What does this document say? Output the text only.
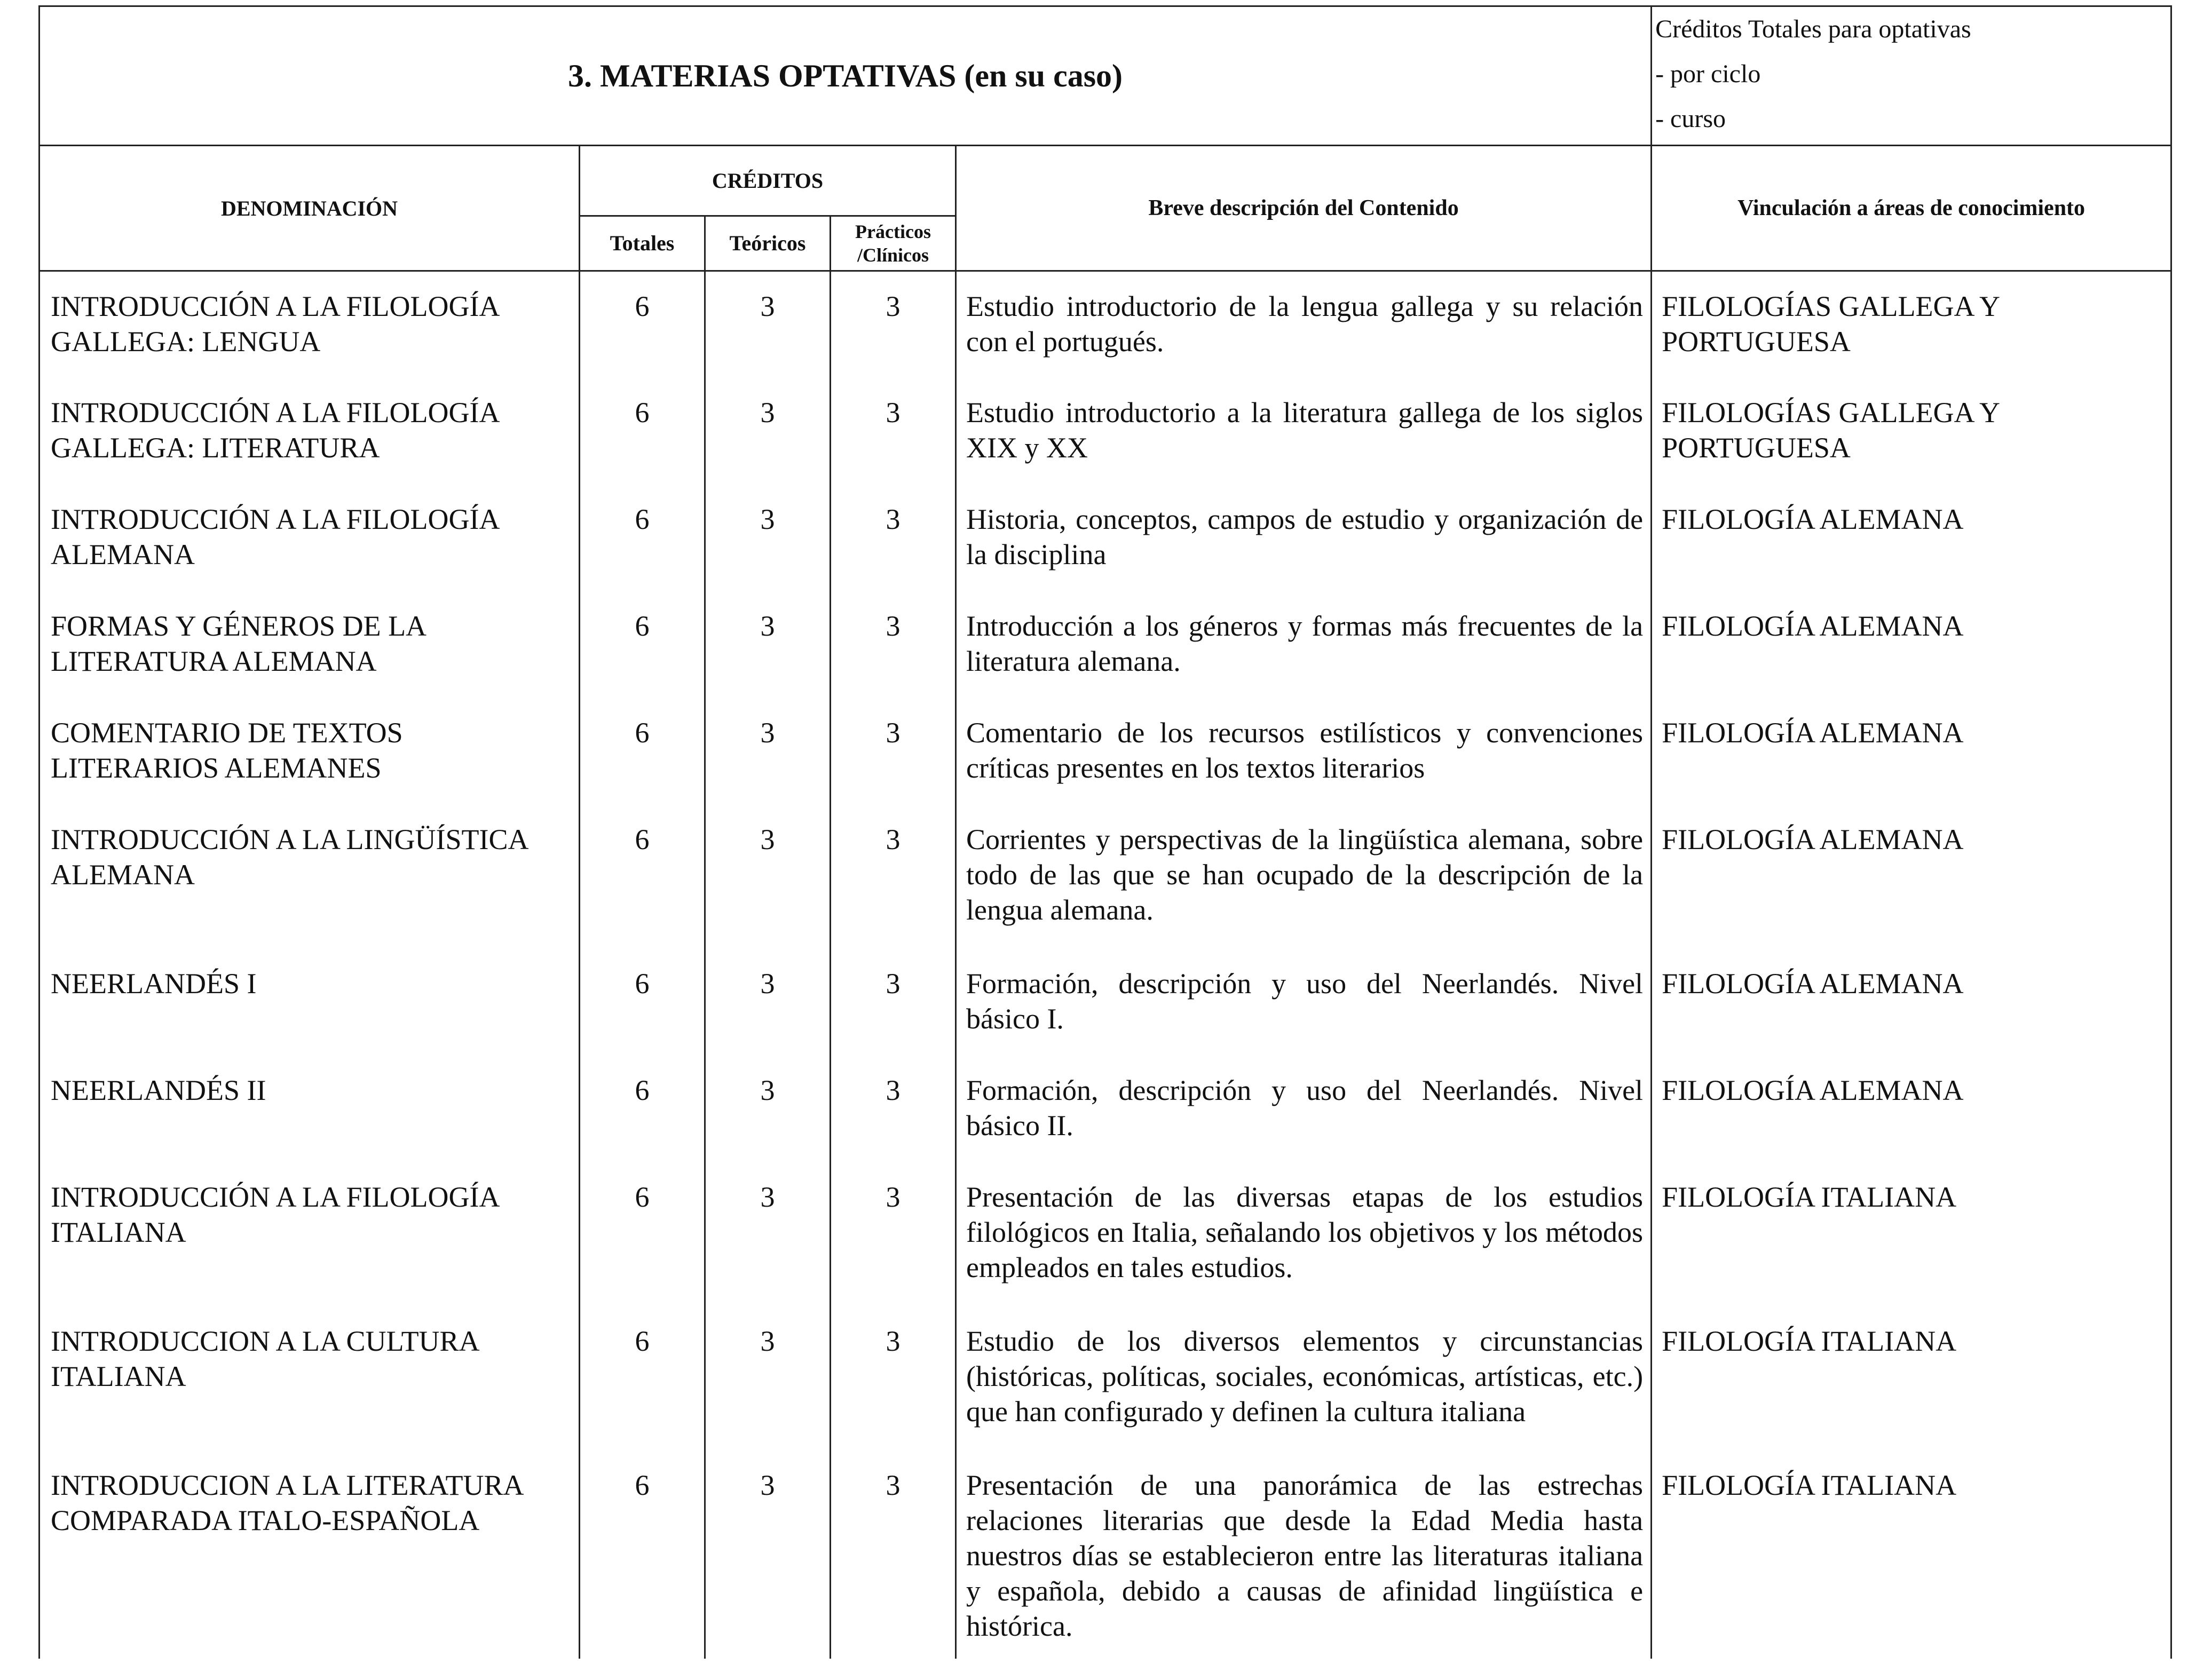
3. MATERIAS OPTATIVAS (en su caso)					Créditos Totales para optativas
- por ciclo
- curso

DENOMINACIÓN	CRÉDITOS			Breve descripción del Contenido	Vinculación a áreas de conocimiento
	Totales	Teóricos	Prácticos /Clínicos		
INTRODUCCIÓN A LA FILOLOGÍA GALLEGA: LENGUA	6	3	3	Estudio introductorio de la lengua gallega y su relación con el portugués.	FILOLOGÍAS GALLEGA Y PORTUGUESA
INTRODUCCIÓN A LA FILOLOGÍA GALLEGA: LITERATURA	6	3	3	Estudio introductorio a la literatura gallega de los siglos XIX y XX	FILOLOGÍAS GALLEGA Y PORTUGUESA
INTRODUCCIÓN A LA FILOLOGÍA ALEMANA	6	3	3	Historia, conceptos, campos de estudio y organización de la disciplina	FILOLOGÍA ALEMANA
FORMAS Y GÉNEROS DE LA LITERATURA ALEMANA	6	3	3	Introducción a los géneros y formas más frecuentes de la literatura alemana.	FILOLOGÍA ALEMANA
COMENTARIO DE TEXTOS LITERARIOS ALEMANES	6	3	3	Comentario de los recursos estilísticos y convenciones críticas presentes en los textos literarios	FILOLOGÍA ALEMANA
INTRODUCCIÓN A LA LINGÜÍSTICA ALEMANA	6	3	3	Corrientes y perspectivas de la lingüística alemana, sobre todo de las que se han ocupado de la descripción de la lengua alemana.	FILOLOGÍA ALEMANA
NEERLANDÉS I	6	3	3	Formación, descripción y uso del Neerlandés. Nivel básico I.	FILOLOGÍA ALEMANA
NEERLANDÉS II	6	3	3	Formación, descripción y uso del Neerlandés. Nivel básico II.	FILOLOGÍA ALEMANA
INTRODUCCIÓN A LA FILOLOGÍA ITALIANA	6	3	3	Presentación de las diversas etapas de los estudios filológicos en Italia, señalando los objetivos y los métodos empleados en tales estudios.	FILOLOGÍA ITALIANA
INTRODUCCION A LA CULTURA ITALIANA	6	3	3	Estudio de los diversos elementos y circunstancias (históricas, políticas, sociales, económicas, artísticas, etc.) que han configurado y definen la cultura italiana	FILOLOGÍA ITALIANA
INTRODUCCION A LA LITERATURA COMPARADA ITALO-ESPAÑOLA	6	3	3	Presentación de una panorámica de las estrechas relaciones literarias que desde la Edad Media hasta nuestros días se establecieron entre las literaturas italiana y española, debido a causas de afinidad lingüística e histórica.	FILOLOGÍA ITALIANA
